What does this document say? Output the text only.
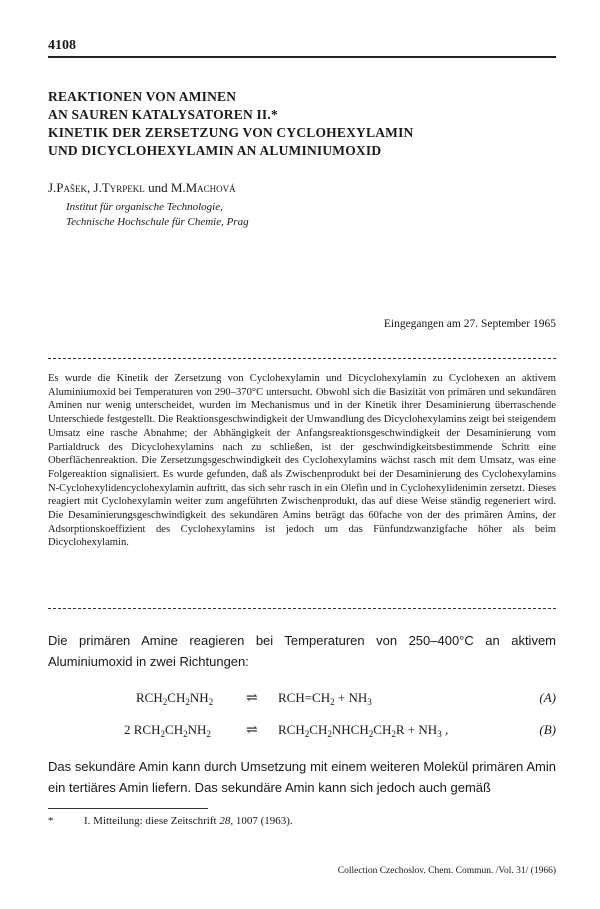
4108
REAKTIONEN VON AMINEN
AN SAUREN KATALYSATOREN II.*
KINETIK DER ZERSETZUNG VON CYCLOHEXYLAMIN
UND DICYCLOHEXYLAMIN AN ALUMINIUMOXID
J.Pašek, J.Tyrpekl und M.Machová
Institut für organische Technologie,
Technische Hochschule für Chemie, Prag
Eingegangen am 27. September 1965
Es wurde die Kinetik der Zersetzung von Cyclohexylamin und Dicyclohexylamin zu Cyclohexen an aktivem Aluminiumoxid bei Temperaturen von 290–370°C untersucht. Obwohl sich die Basizität von primären und sekundären Aminen nur wenig unterscheidet, wurden im Mechanismus und in der Kinetik ihrer Desaminierung überraschende Unterschiede festgestellt. Die Reaktionsgeschwindigkeit der Umwandlung des Dicyclohexylamins zeigt bei steigendem Umsatz eine rasche Abnahme; der Abhängigkeit der Anfangsreaktionsgeschwindigkeit der Desaminierung vom Partialdruck des Dicyclohexylamins nach zu schließen, ist der geschwindigkeitsbestimmende Schritt eine Oberflächenreaktion. Die Zersetzungsgeschwindigkeit des Cyclohexylamins wächst rasch mit dem Umsatz, was eine Folgereaktion signalisiert. Es wurde gefunden, daß als Zwischenprodukt bei der Desaminierung des Cyclohexylamins N-Cyclohexylidencyclohexylamin auftritt, das sich sehr rasch in ein Olefin und in Cyclohexylidenimin zersetzt. Dieses reagiert mit Cyclohexylamin weiter zum angeführten Zwischenprodukt, das auf diese Weise ständig regeneriert wird. Die Desaminierungsgeschwindigkeit des sekundären Amins beträgt das 60fache von der des primären Amins, der Adsorptionskoeffizient des Cyclohexylamins ist jedoch um das Fünfundzwanzigfache höher als beim Dicyclohexylamin.
Die primären Amine reagieren bei Temperaturen von 250–400°C an aktivem Aluminiumoxid in zwei Richtungen:
$RCH_2CH_2NH_2$ ⇌ $RCH=CH_2 + NH_3$	(A)
2 $RCH_2CH_2NH_2$	⇌ $RCH_2CH_2NHCH_2CH_2R + NH_3$ ,	(B)
Das sekundäre Amin kann durch Umsetzung mit einem weiteren Molekül primären Amin ein tertiäres Amin liefern. Das sekundäre Amin kann sich jedoch auch gemäß
*	I. Mitteilung: diese Zeitschrift 28, 1007 (1963).
Collection Czechoslov. Chem. Commun. /Vol. 31/ (1966)
